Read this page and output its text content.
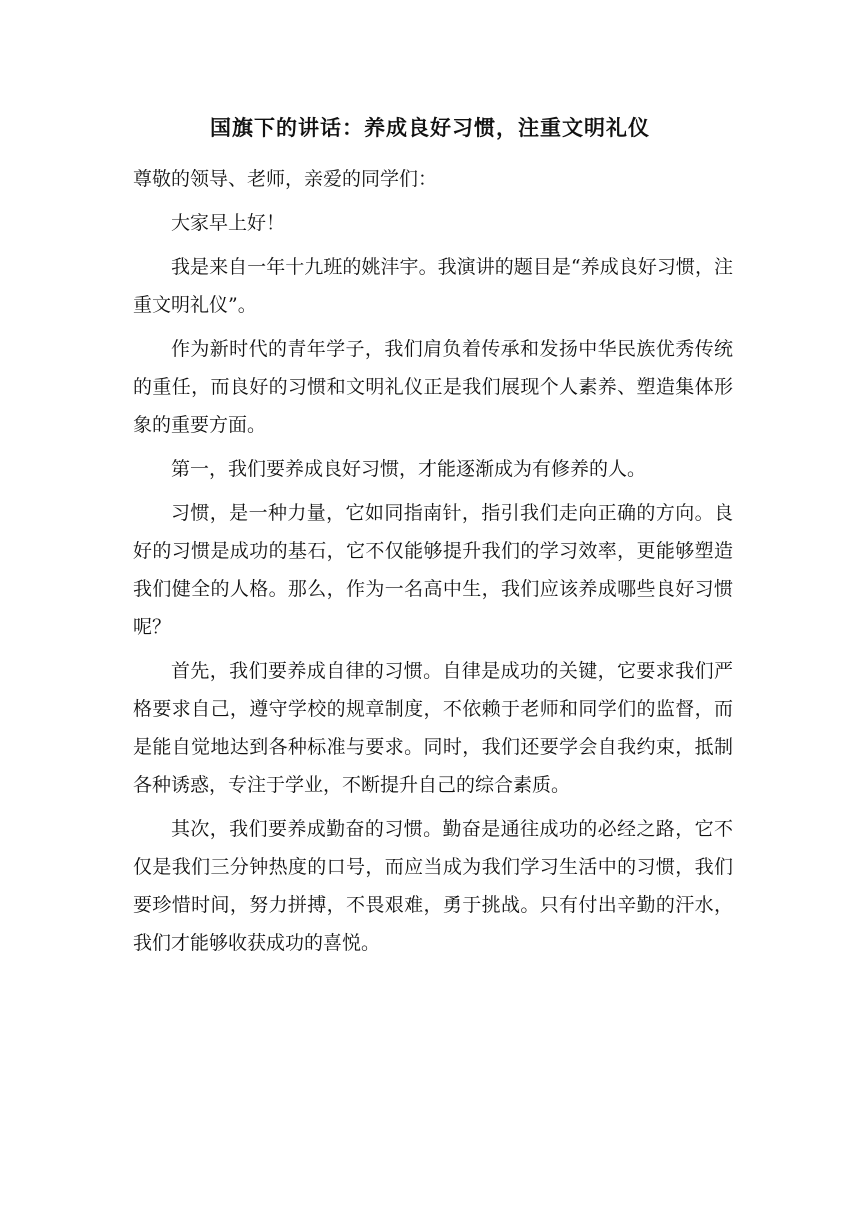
国旗下的讲话：养成良好习惯，注重文明礼仪

尊敬的领导、老师，亲爱的同学们：

大家早上好！

我是来自一年十九班的姚沣宇。我演讲的题目是“养成良好习惯，注重文明礼仪”。

作为新时代的青年学子，我们肩负着传承和发扬中华民族优秀传统的重任，而良好的习惯和文明礼仪正是我们展现个人素养、塑造集体形象的重要方面。

第一，我们要养成良好习惯，才能逐渐成为有修养的人。

习惯，是一种力量，它如同指南针，指引我们走向正确的方向。良好的习惯是成功的基石，它不仅能够提升我们的学习效率，更能够塑造我们健全的人格。那么，作为一名高中生，我们应该养成哪些良好习惯呢？

首先，我们要养成自律的习惯。自律是成功的关键，它要求我们严格要求自己，遵守学校的规章制度，不依赖于老师和同学们的监督，而是能自觉地达到各种标准与要求。同时，我们还要学会自我约束，抵制各种诱惑，专注于学业，不断提升自己的综合素质。

其次，我们要养成勤奋的习惯。勤奋是通往成功的必经之路，它不仅是我们三分钟热度的口号，而应当成为我们学习生活中的习惯，我们要珍惜时间，努力拼搏，不畏艰难，勇于挑战。只有付出辛勤的汗水，我们才能够收获成功的喜悦。
